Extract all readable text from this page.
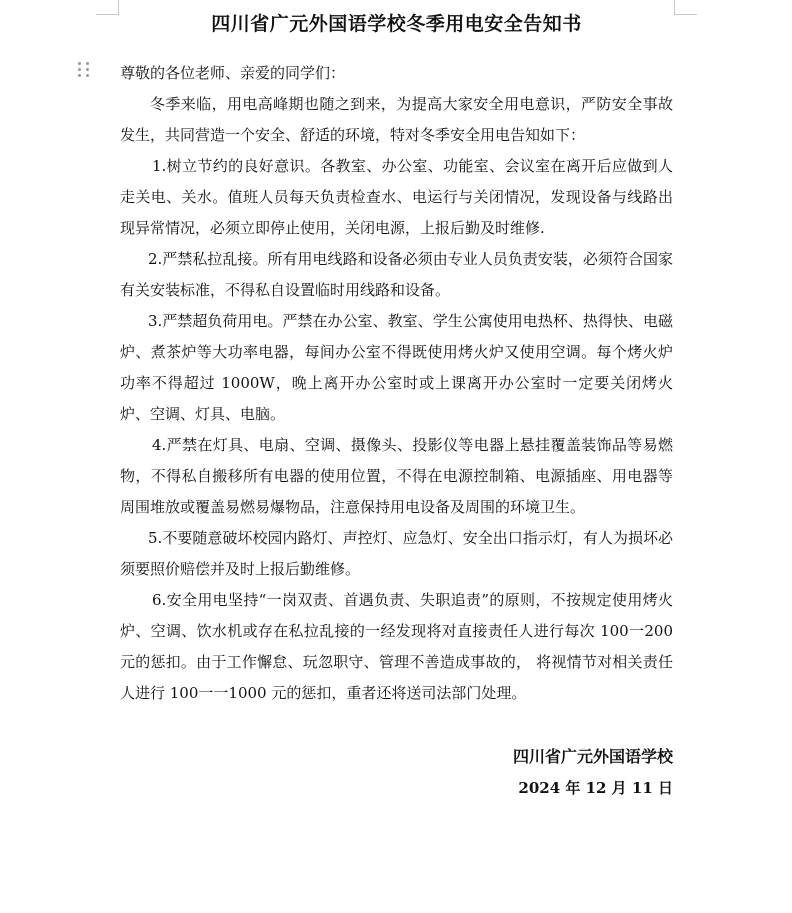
四川省广元外国语学校冬季用电安全告知书

尊敬的各位老师、亲爱的同学们：

冬季来临，用电高峰期也随之到来，为提高大家安全用电意识，严防安全事故发生，共同营造一个安全、舒适的环境，特对冬季安全用电告知如下：

1.树立节约的良好意识。各教室、办公室、功能室、会议室在离开后应做到人走关电、关水。值班人员每天负责检查水、电运行与关闭情况，发现设备与线路出现异常情况，必须立即停止使用，关闭电源，上报后勤及时维修.

2.严禁私拉乱接。所有用电线路和设备必须由专业人员负责安装，必须符合国家有关安装标准，不得私自设置临时用线路和设备。

3.严禁超负荷用电。严禁在办公室、教室、学生公寓使用电热杯、热得快、电磁炉、煮茶炉等大功率电器，每间办公室不得既使用烤火炉又使用空调。每个烤火炉功率不得超过 1000W，晚上离开办公室时或上课离开办公室时一定要关闭烤火炉、空调、灯具、电脑。

4.严禁在灯具、电扇、空调、摄像头、投影仪等电器上悬挂覆盖装饰品等易燃物，不得私自搬移所有电器的使用位置，不得在电源控制箱、电源插座、用电器等周围堆放或覆盖易燃易爆物品，注意保持用电设备及周围的环境卫生。

5.不要随意破坏校园内路灯、声控灯、应急灯、安全出口指示灯，有人为损坏必须要照价赔偿并及时上报后勤维修。

6.安全用电坚持“一岗双责、首遇负责、失职追责”的原则，不按规定使用烤火炉、空调、饮水机或存在私拉乱接的一经发现将对直接责任人进行每次 100一200 元的惩扣。由于工作懈怠、玩忽职守、管理不善造成事故的， 将视情节对相关责任人进行 100一一1000 元的惩扣，重者还将送司法部门处理。

四川省广元外国语学校
2024 年 12 月 11 日
